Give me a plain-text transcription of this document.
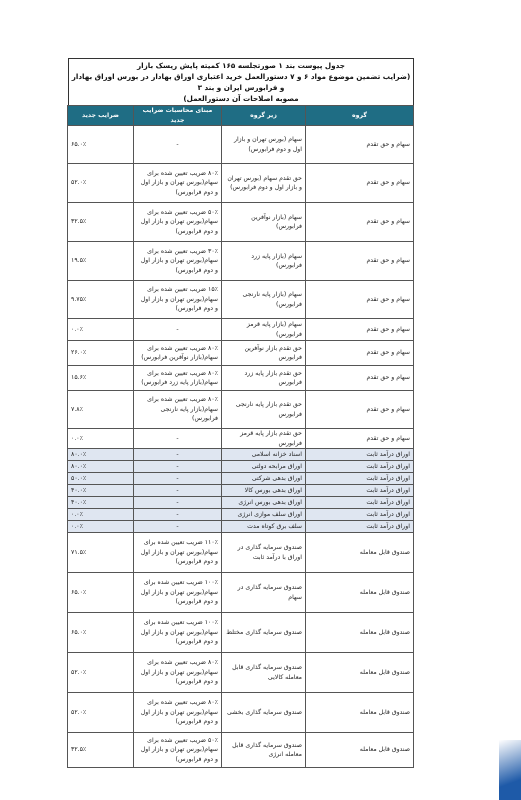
جدول پیوست بند ۱ صورتجلسه ۱۶۵ کمیته پایش ریسک بازار
(ضرایب تضمین موضوع مواد ۶ و ۷ دستورالعمل خرید اعتباری اوراق بهادار در بورس اوراق بهادار و فرابورس ایران و بند ۳
مصوبه اصلاحات آن دستورالعمل)
گروه	زیر گروه	مبنای محاسبات ضرایب جدید	ضرایب جدید
سهام و حق تقدم	سهام (بورس تهران و بازار اول و دوم فرابورس)	-	۶۵.۰٪
سهام و حق تقدم	حق تقدم سهام (بورس تهران و بازار اول و دوم فرابورس)	۸۰٪ ضریب تعیین شده برای سهام(بورس تهران و بازار اول و دوم فرابورس)	۵۲.۰٪
سهام و حق تقدم	سهام (بازار نوآفرین فرابورس)	۵۰٪ ضریب تعیین شده برای سهام(بورس تهران و بازار اول و دوم فرابورس)	۳۲.۵٪
سهام و حق تقدم	سهام (بازار پایه زرد فرابورس)	۳۰٪ ضریب تعیین شده برای سهام(بورس تهران و بازار اول و دوم فرابورس)	۱۹.۵٪
سهام و حق تقدم	سهام (بازار پایه نارنجی فرابورس)	۱۵٪ ضریب تعیین شده برای سهام(بورس تهران و بازار اول و دوم فرابورس)	۹.۷۵٪
سهام و حق تقدم	سهام (بازار پایه قرمز فرابورس)	-	۰.۰٪
سهام و حق تقدم	حق تقدم بازار نوآفرین فرابورس	۸۰٪ ضریب تعیین شده برای سهام(بازار نوآفرین فرابورس)	۲۶.۰٪
سهام و حق تقدم	حق تقدم بازار پایه زرد فرابورس	۸۰٪ ضریب تعیین شده برای سهام(بازار پایه زرد فرابورس)	۱۵.۶٪
سهام و حق تقدم	حق تقدم بازار پایه نارنجی فرابورس	۸۰٪ ضریب تعیین شده برای سهام(بازار پایه نارنجی فرابورس)	۷.۸٪
سهام و حق تقدم	حق تقدم بازار پایه قرمز فرابورس	-	۰.۰٪
اوراق درآمد ثابت	اسناد خزانه اسلامی	-	۸۰.۰٪
اوراق درآمد ثابت	اوراق مرابحه دولتی	-	۸۰.۰٪
اوراق درآمد ثابت	اوراق بدهی شرکتی	-	۵۰.۰٪
اوراق درآمد ثابت	اوراق بدهی بورس کالا	-	۴۰.۰٪
اوراق درآمد ثابت	اوراق بدهی بورس انرژی	-	۴۰.۰٪
اوراق درآمد ثابت	اوراق سلف موازی انرژی	-	۰.۰٪
اوراق درآمد ثابت	سلف برق کوتاه مدت	-	۰.۰٪
صندوق قابل معامله	صندوق سرمایه گذاری در اوراق با درآمد ثابت	۱۱۰٪ ضریب تعیین شده برای سهام(بورس تهران و بازار اول و دوم فرابورس)	۷۱.۵٪
صندوق قابل معامله	صندوق سرمایه گذاری در سهام	۱۰۰٪ ضریب تعیین شده برای سهام(بورس تهران و بازار اول و دوم فرابورس)	۶۵.۰٪
صندوق قابل معامله	صندوق سرمایه گذاری مختلط	۱۰۰٪ ضریب تعیین شده برای سهام(بورس تهران و بازار اول و دوم فرابورس)	۶۵.۰٪
صندوق قابل معامله	صندوق سرمایه گذاری قابل معامله کالایی	۸۰٪ ضریب تعیین شده برای سهام(بورس تهران و بازار اول و دوم فرابورس)	۵۲.۰٪
صندوق قابل معامله	صندوق سرمایه گذاری بخشی	۸۰٪ ضریب تعیین شده برای سهام(بورس تهران و بازار اول و دوم فرابورس)	۵۲.۰٪
صندوق قابل معامله	صندوق سرمایه گذاری قابل معامله انرژی	۵۰٪ ضریب تعیین شده برای سهام(بورس تهران و بازار اول و دوم فرابورس)	۳۲.۵٪
